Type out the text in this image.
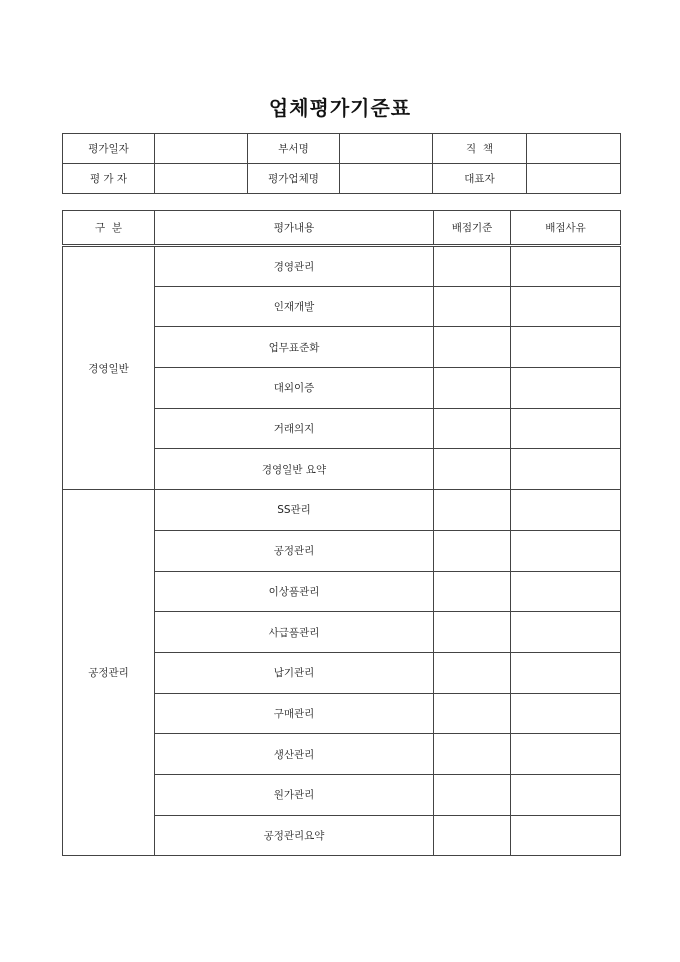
업체평가기준표
평가일자		부서명		직  책	
평 가 자		평가업체명		대표자	
구  분	평가내용	배점기준	배점사유
경영일반	경영관리		
	인재개발		
	업무표준화		
	대외이증		
	거래의지		
	경영일반 요약		
공정관리	SS관리		
	공정관리		
	이상품관리		
	사급품관리		
	납기관리		
	구매관리		
	생산관리		
	원가관리		
	공정관리요약		
